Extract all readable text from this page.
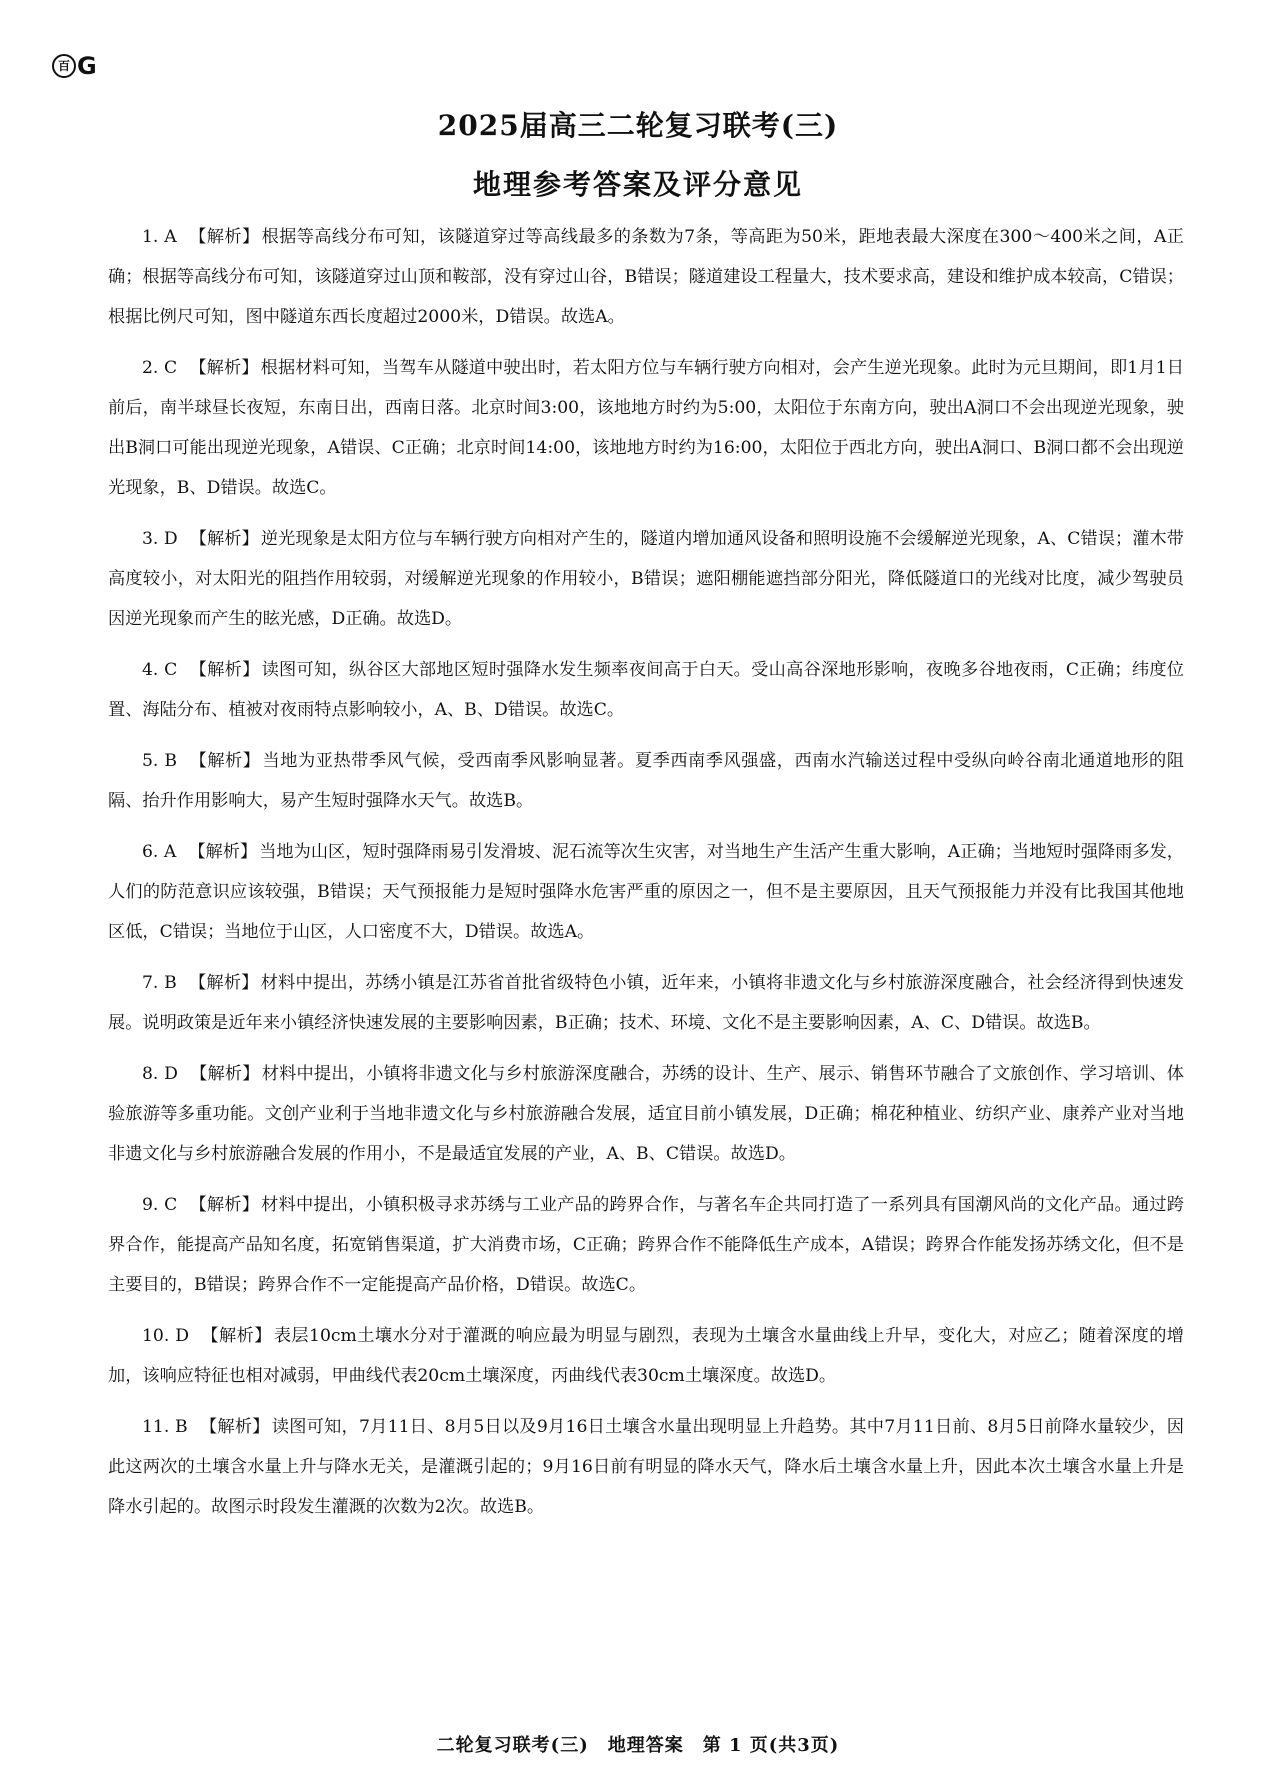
百 G
2025届高三二轮复习联考(三)
地理参考答案及评分意见
1. A 【解析】 根据等高线分布可知，该隧道穿过等高线最多的条数为7条，等高距为50米，距地表最大深度在300～400米之间，A正确；根据等高线分布可知，该隧道穿过山顶和鞍部，没有穿过山谷，B错误；隧道建设工程量大，技术要求高，建设和维护成本较高，C错误；根据比例尺可知，图中隧道东西长度超过2000米，D错误。故选A。
2. C 【解析】 根据材料可知，当驾车从隧道中驶出时，若太阳方位与车辆行驶方向相对，会产生逆光现象。此时为元旦期间，即1月1日前后，南半球昼长夜短，东南日出，西南日落。北京时间3:00，该地地方时约为5:00，太阳位于东南方向，驶出A洞口不会出现逆光现象，驶出B洞口可能出现逆光现象，A错误、C正确；北京时间14:00，该地地方时约为16:00，太阳位于西北方向，驶出A洞口、B洞口都不会出现逆光现象，B、D错误。故选C。
3. D 【解析】 逆光现象是太阳方位与车辆行驶方向相对产生的，隧道内增加通风设备和照明设施不会缓解逆光现象，A、C错误；灌木带高度较小，对太阳光的阻挡作用较弱，对缓解逆光现象的作用较小，B错误；遮阳棚能遮挡部分阳光，降低隧道口的光线对比度，减少驾驶员因逆光现象而产生的眩光感，D正确。故选D。
4. C 【解析】 读图可知，纵谷区大部地区短时强降水发生频率夜间高于白天。受山高谷深地形影响，夜晚多谷地夜雨，C正确；纬度位置、海陆分布、植被对夜雨特点影响较小，A、B、D错误。故选C。
5. B 【解析】 当地为亚热带季风气候，受西南季风影响显著。夏季西南季风强盛，西南水汽输送过程中受纵向岭谷南北通道地形的阻隔、抬升作用影响大，易产生短时强降水天气。故选B。
6. A 【解析】 当地为山区，短时强降雨易引发滑坡、泥石流等次生灾害，对当地生产生活产生重大影响，A正确；当地短时强降雨多发，人们的防范意识应该较强，B错误；天气预报能力是短时强降水危害严重的原因之一，但不是主要原因，且天气预报能力并没有比我国其他地区低，C错误；当地位于山区，人口密度不大，D错误。故选A。
7. B 【解析】 材料中提出，苏绣小镇是江苏省首批省级特色小镇，近年来，小镇将非遗文化与乡村旅游深度融合，社会经济得到快速发展。说明政策是近年来小镇经济快速发展的主要影响因素，B正确；技术、环境、文化不是主要影响因素，A、C、D错误。故选B。
8. D 【解析】 材料中提出，小镇将非遗文化与乡村旅游深度融合，苏绣的设计、生产、展示、销售环节融合了文旅创作、学习培训、体验旅游等多重功能。文创产业利于当地非遗文化与乡村旅游融合发展，适宜目前小镇发展，D正确；棉花种植业、纺织产业、康养产业对当地非遗文化与乡村旅游融合发展的作用小，不是最适宜发展的产业，A、B、C错误。故选D。
9. C 【解析】 材料中提出，小镇积极寻求苏绣与工业产品的跨界合作，与著名车企共同打造了一系列具有国潮风尚的文化产品。通过跨界合作，能提高产品知名度，拓宽销售渠道，扩大消费市场，C正确；跨界合作不能降低生产成本，A错误；跨界合作能发扬苏绣文化，但不是主要目的，B错误；跨界合作不一定能提高产品价格，D错误。故选C。
10. D 【解析】 表层10cm土壤水分对于灌溉的响应最为明显与剧烈，表现为土壤含水量曲线上升早，变化大，对应乙；随着深度的增加，该响应特征也相对减弱，甲曲线代表20cm土壤深度，丙曲线代表30cm土壤深度。故选D。
11. B 【解析】 读图可知，7月11日、8月5日以及9月16日土壤含水量出现明显上升趋势。其中7月11日前、8月5日前降水量较少，因此这两次的土壤含水量上升与降水无关，是灌溉引起的；9月16日前有明显的降水天气，降水后土壤含水量上升，因此本次土壤含水量上升是降水引起的。故图示时段发生灌溉的次数为2次。故选B。
二轮复习联考(三)　地理答案　第 1 页(共3页)
